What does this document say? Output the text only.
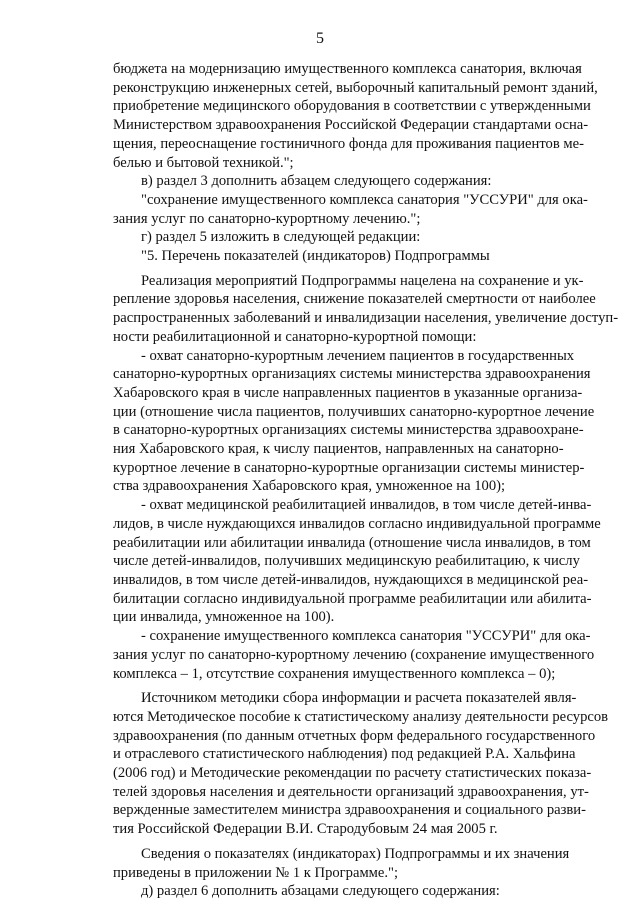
5
бюджета на модернизацию имущественного комплекса санатория, включая
реконструкцию инженерных сетей, выборочный капитальный ремонт зданий,
приобретение медицинского оборудования в соответствии с утвержденными
Министерством здравоохранения Российской Федерации стандартами осна-
щения, переоснащение гостиничного фонда для проживания пациентов ме-
белью и бытовой техникой.";
в) раздел 3 дополнить абзацем следующего содержания:
"сохранение имущественного комплекса санатория "УССУРИ" для ока-
зания услуг по санаторно-курортному лечению.";
г) раздел 5 изложить в следующей редакции:
"5. Перечень показателей (индикаторов) Подпрограммы
Реализация мероприятий Подпрограммы нацелена на сохранение и ук-
репление здоровья населения, снижение показателей смертности от наиболее
распространенных заболеваний и инвалидизации населения, увеличение доступ-
ности реабилитационной и санаторно-курортной помощи:
- охват санаторно-курортным лечением пациентов в государственных
санаторно-курортных организациях системы министерства здравоохранения
Хабаровского края в числе направленных пациентов в указанные организа-
ции (отношение числа пациентов, получивших санаторно-курортное лечение
в санаторно-курортных организациях системы министерства здравоохране-
ния Хабаровского края, к числу пациентов, направленных на санаторно-
курортное лечение в санаторно-курортные организации системы министер-
ства здравоохранения Хабаровского края, умноженное на 100);
- охват медицинской реабилитацией инвалидов, в том числе детей-инва-
лидов, в числе нуждающихся инвалидов согласно индивидуальной программе
реабилитации или абилитации инвалида (отношение числа инвалидов, в том
числе детей-инвалидов, получивших медицинскую реабилитацию, к числу
инвалидов, в том числе детей-инвалидов, нуждающихся в медицинской реа-
билитации согласно индивидуальной программе реабилитации или абилита-
ции инвалида, умноженное на 100).
- сохранение имущественного комплекса санатория "УССУРИ" для ока-
зания услуг по санаторно-курортному лечению (сохранение имущественного
комплекса – 1, отсутствие сохранения имущественного комплекса – 0);
Источником методики сбора информации и расчета показателей явля-
ются Методическое пособие к статистическому анализу деятельности ресурсов
здравоохранения (по данным отчетных форм федерального государственного
и отраслевого статистического наблюдения) под редакцией Р.А. Хальфина
(2006 год) и Методические рекомендации по расчету статистических показа-
телей здоровья населения и деятельности организаций здравоохранения, ут-
вержденные заместителем министра здравоохранения и социального разви-
тия Российской Федерации В.И. Стародубовым 24 мая 2005 г.
Сведения о показателях (индикаторах) Подпрограммы и их значения
приведены в приложении № 1 к Программе.";
д) раздел 6 дополнить абзацами следующего содержания:
